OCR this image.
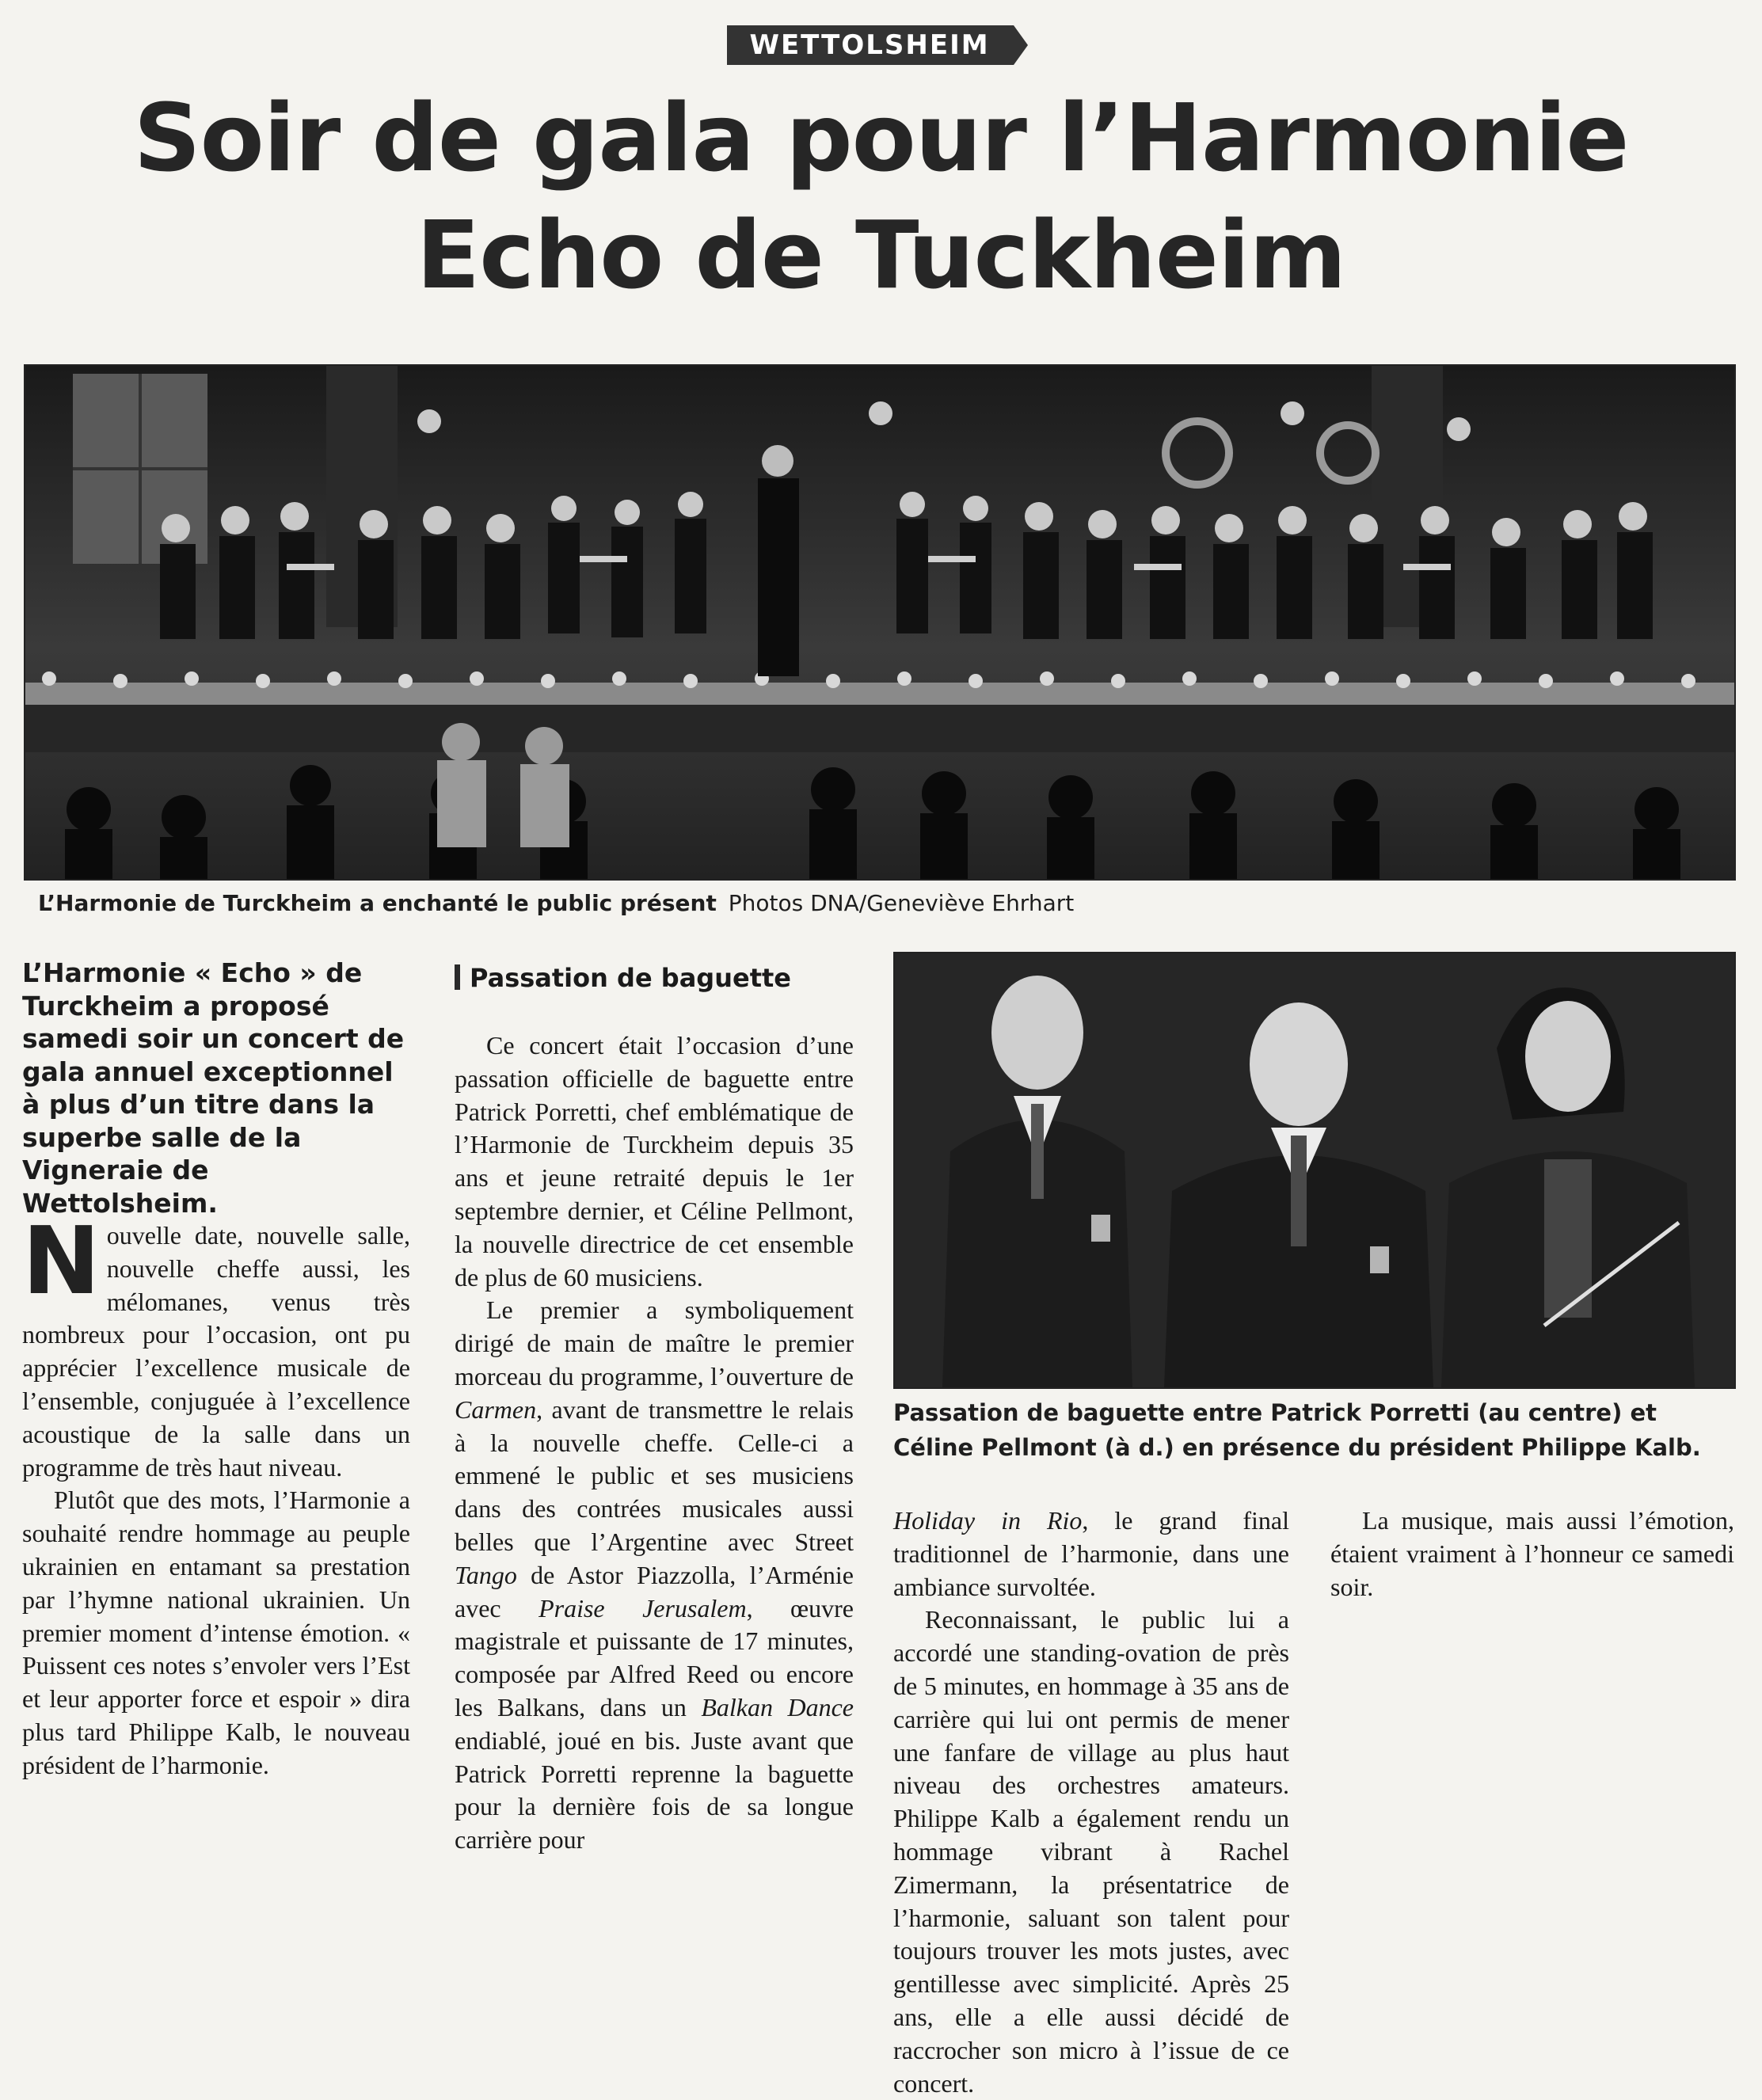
WETTOLSHEIM
Soir de gala pour l’Harmonie
Echo de Tuckheim
L’Harmonie de Turckheim a enchanté le public présent Photos DNA/Geneviève Ehrhart

L’Harmonie « Echo » de Turckheim a proposé samedi soir un concert de gala annuel exceptionnel à plus d’un titre dans la superbe salle de la Vigneraie de Wettolsheim.

Nouvelle date, nouvelle salle, nouvelle cheffe aussi, les mélomanes, venus très nombreux pour l’occasion, ont pu apprécier l’excellence musicale de l’ensemble, conjuguée à l’excellence acoustique de la salle dans un programme de très haut niveau.

Plutôt que des mots, l’Harmonie a souhaité rendre hommage au peuple ukrainien en entamant sa prestation par l’hymne national ukrainien. Un premier moment d’intense émotion. « Puissent ces notes s’envoler vers l’Est et leur apporter force et espoir » dira plus tard Philippe Kalb, le nouveau président de l’harmonie.

Passation de baguette

Ce concert était l’occasion d’une passation officielle de baguette entre Patrick Porretti, chef emblématique de l’Harmonie de Turckheim depuis 35 ans et jeune retraité depuis le 1er septembre dernier, et Céline Pellmont, la nouvelle directrice de cet ensemble de plus de 60 musiciens.

Le premier a symboliquement dirigé de main de maître le premier morceau du programme, l’ouverture de Carmen, avant de transmettre le relais à la nouvelle cheffe. Celle-ci a emmené le public et ses musiciens dans des contrées musicales aussi belles que l’Argentine avec Street Tango de Astor Piazzolla, l’Arménie avec Praise Jerusalem, œuvre magistrale et puissante de 17 minutes, composée par Alfred Reed ou encore les Balkans, dans un Balkan Dance endiablé, joué en bis. Juste avant que Patrick Porretti reprenne la baguette pour la dernière fois de sa longue carrière pour

Passation de baguette entre Patrick Porretti (au centre) et Céline Pellmont (à d.) en présence du président Philippe Kalb.

Holiday in Rio, le grand final traditionnel de l’harmonie, dans une ambiance survoltée.

Reconnaissant, le public lui a accordé une standing-ovation de près de 5 minutes, en hommage à 35 ans de carrière qui lui ont permis de mener une fanfare de village au plus haut niveau des orchestres amateurs. Philippe Kalb a également rendu un hommage vibrant à Rachel Zimermann, la présentatrice de l’harmonie, saluant son talent pour toujours trouver les mots justes, avec gentillesse avec simplicité. Après 25 ans, elle a elle aussi décidé de raccrocher son micro à l’issue de ce concert.

La musique, mais aussi l’émotion, étaient vraiment à l’honneur ce samedi soir.
